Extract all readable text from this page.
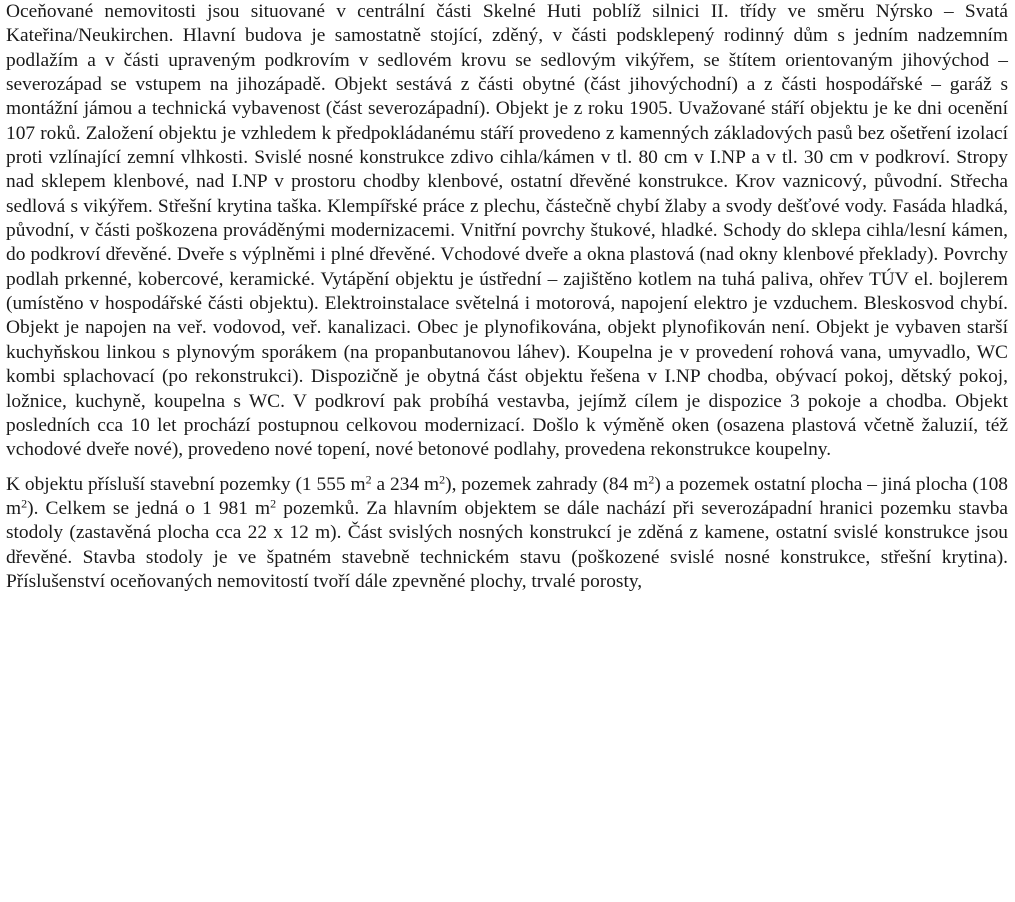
Oceňované nemovitosti jsou situované v centrální části Skelné Huti poblíž silnici II. třídy ve směru Nýrsko – Svatá Kateřina/Neukirchen. Hlavní budova je samostatně stojící, zděný, v části podsklepený rodinný dům s jedním nadzemním podlažím a v části upraveným podkrovím v sedlovém krovu se sedlovým vikýřem, se štítem orientovaným jihovýchod – severozápad se vstupem na jihozápadě. Objekt sestává z části obytné (část jihovýchodní) a z části hospodářské – garáž s montážní jámou a technická vybavenost (část severozápadní). Objekt je z roku 1905. Uvažované stáří objektu je ke dni ocenění 107 roků. Založení objektu je vzhledem k předpokládanému stáří provedeno z kamenných základových pasů bez ošetření izolací proti vzlínající zemní vlhkosti. Svislé nosné konstrukce zdivo cihla/kámen v tl. 80 cm v I.NP a v tl. 30 cm v podkroví. Stropy nad sklepem klenbové, nad I.NP v prostoru chodby klenbové, ostatní dřevěné konstrukce. Krov vaznicový, původní. Střecha sedlová s vikýřem. Střešní krytina taška. Klempířské práce z plechu, částečně chybí žlaby a svody dešťové vody. Fasáda hladká, původní, v části poškozena prováděnými modernizacemi. Vnitřní povrchy štukové, hladké. Schody do sklepa cihla/lesní kámen, do podkroví dřevěné. Dveře s výplněmi i plné dřevěné. Vchodové dveře a okna plastová (nad okny klenbové překlady). Povrchy podlah prkenné, kobercové, keramické. Vytápění objektu je ústřední – zajištěno kotlem na tuhá paliva, ohřev TÚV el. bojlerem (umístěno v hospodářské části objektu). Elektroinstalace světelná i motorová, napojení elektro je vzduchem. Bleskosvod chybí. Objekt je napojen na veř. vodovod, veř. kanalizaci. Obec je plynofikována, objekt plynofikován není. Objekt je vybaven starší kuchyňskou linkou s plynovým sporákem (na propanbutanovou láhev). Koupelna je v provedení rohová vana, umyvadlo, WC kombi splachovací (po rekonstrukci). Dispozičně je obytná část objektu řešena v I.NP chodba, obývací pokoj, dětský pokoj, ložnice, kuchyně, koupelna s WC. V podkroví pak probíhá vestavba, jejímž cílem je dispozice 3 pokoje a chodba. Objekt posledních cca 10 let prochází postupnou celkovou modernizací. Došlo k výměně oken (osazena plastová včetně žaluzií, též vchodové dveře nové), provedeno nové topení, nové betonové podlahy, provedena rekonstrukce koupelny.

K objektu přísluší stavební pozemky (1 555 $m^2$ a 234 $m^2$), pozemek zahrady (84 $m^2$) a pozemek ostatní plocha – jiná plocha (108 $m^2$). Celkem se jedná o 1 981 $m^2$ pozemků. Za hlavním objektem se dále nachází při severozápadní hranici pozemku stavba stodoly (zastavěná plocha cca 22 x 12 m). Část svislých nosných konstrukcí je zděná z kamene, ostatní svislé konstrukce jsou dřevěné. Stavba stodoly je ve špatném stavebně technickém stavu (poškozené svislé nosné konstrukce, střešní krytina). Příslušenství oceňovaných nemovitostí tvoří dále zpevněné plochy, trvalé porosty,
